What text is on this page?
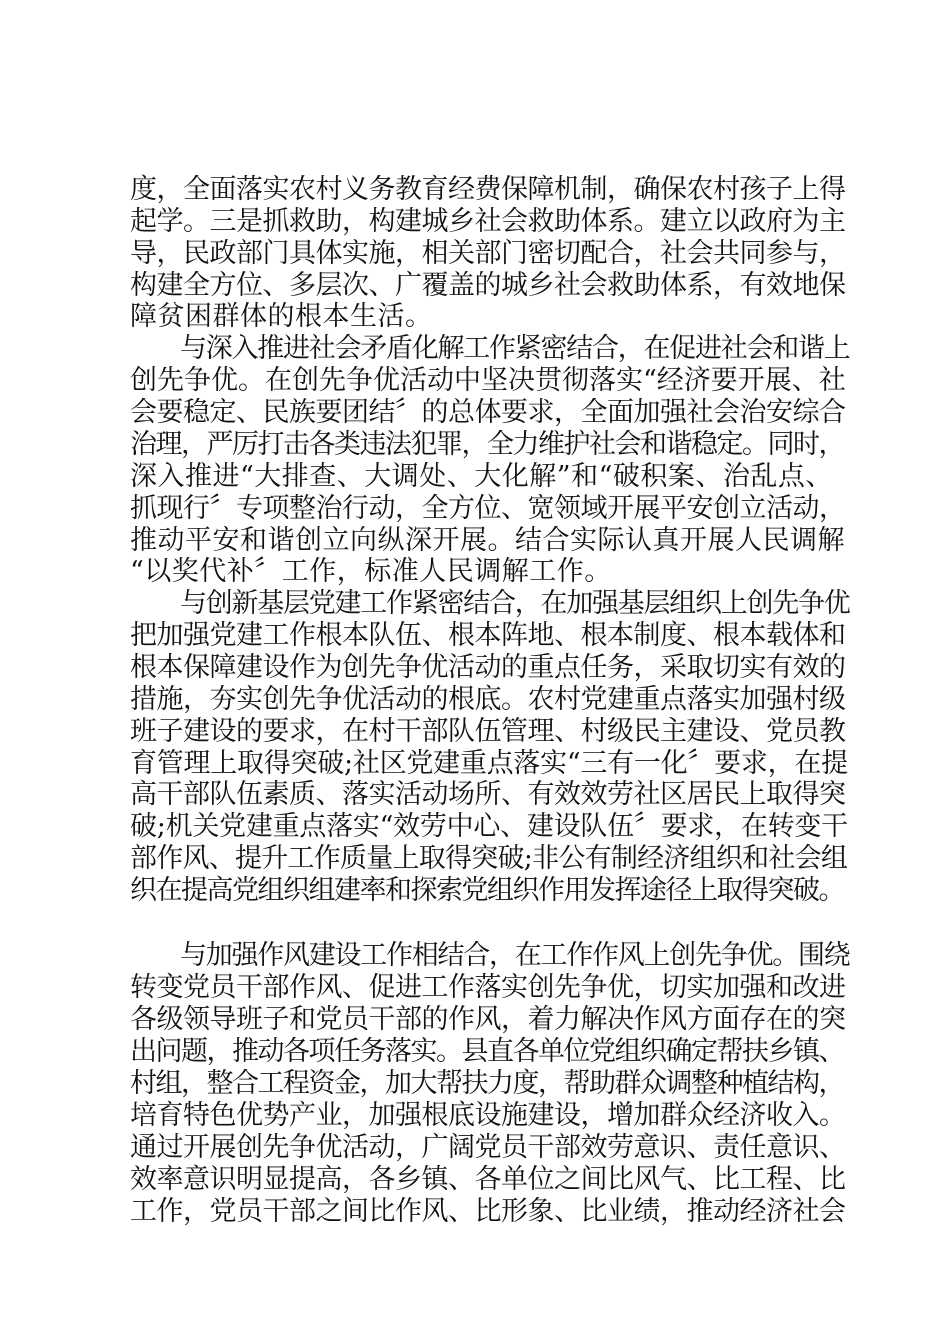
度，全面落实农村义务教育经费保障机制，确保农村孩子上得
起学。三是抓救助，构建城乡社会救助体系。建立以政府为主
导，民政部门具体实施，相关部门密切配合，社会共同参与，
构建全方位、多层次、广覆盖的城乡社会救助体系，有效地保
障贫困群体的根本生活。
与深入推进社会矛盾化解工作紧密结合，在促进社会和谐上
创先争优。在创先争优活动中坚决贯彻落实“经济要开展、社
会要稳定、民族要团结〞的总体要求，全面加强社会治安综合
治理，严厉打击各类违法犯罪，全力维护社会和谐稳定。同时，
深入推进“大排查、大调处、大化解”和“破积案、治乱点、
抓现行〞专项整治行动，全方位、宽领域开展平安创立活动，
推动平安和谐创立向纵深开展。结合实际认真开展人民调解
“以奖代补〞工作，标准人民调解工作。
与创新基层党建工作紧密结合，在加强基层组织上创先争优
把加强党建工作根本队伍、根本阵地、根本制度、根本载体和
根本保障建设作为创先争优活动的重点任务，采取切实有效的
措施，夯实创先争优活动的根底。农村党建重点落实加强村级
班子建设的要求，在村干部队伍管理、村级民主建设、党员教
育管理上取得突破;社区党建重点落实“三有一化〞要求，在提
高干部队伍素质、落实活动场所、有效效劳社区居民上取得突
破;机关党建重点落实“效劳中心、建设队伍〞要求，在转变干
部作风、提升工作质量上取得突破;非公有制经济组织和社会组
织在提高党组织组建率和探索党组织作用发挥途径上取得突破。
与加强作风建设工作相结合，在工作作风上创先争优。围绕
转变党员干部作风、促进工作落实创先争优，切实加强和改进
各级领导班子和党员干部的作风，着力解决作风方面存在的突
出问题，推动各项任务落实。县直各单位党组织确定帮扶乡镇、
村组，整合工程资金，加大帮扶力度，帮助群众调整种植结构，
培育特色优势产业，加强根底设施建设，增加群众经济收入。
通过开展创先争优活动，广阔党员干部效劳意识、责任意识、
效率意识明显提高，各乡镇、各单位之间比风气、比工程、比
工作，党员干部之间比作风、比形象、比业绩，推动经济社会
